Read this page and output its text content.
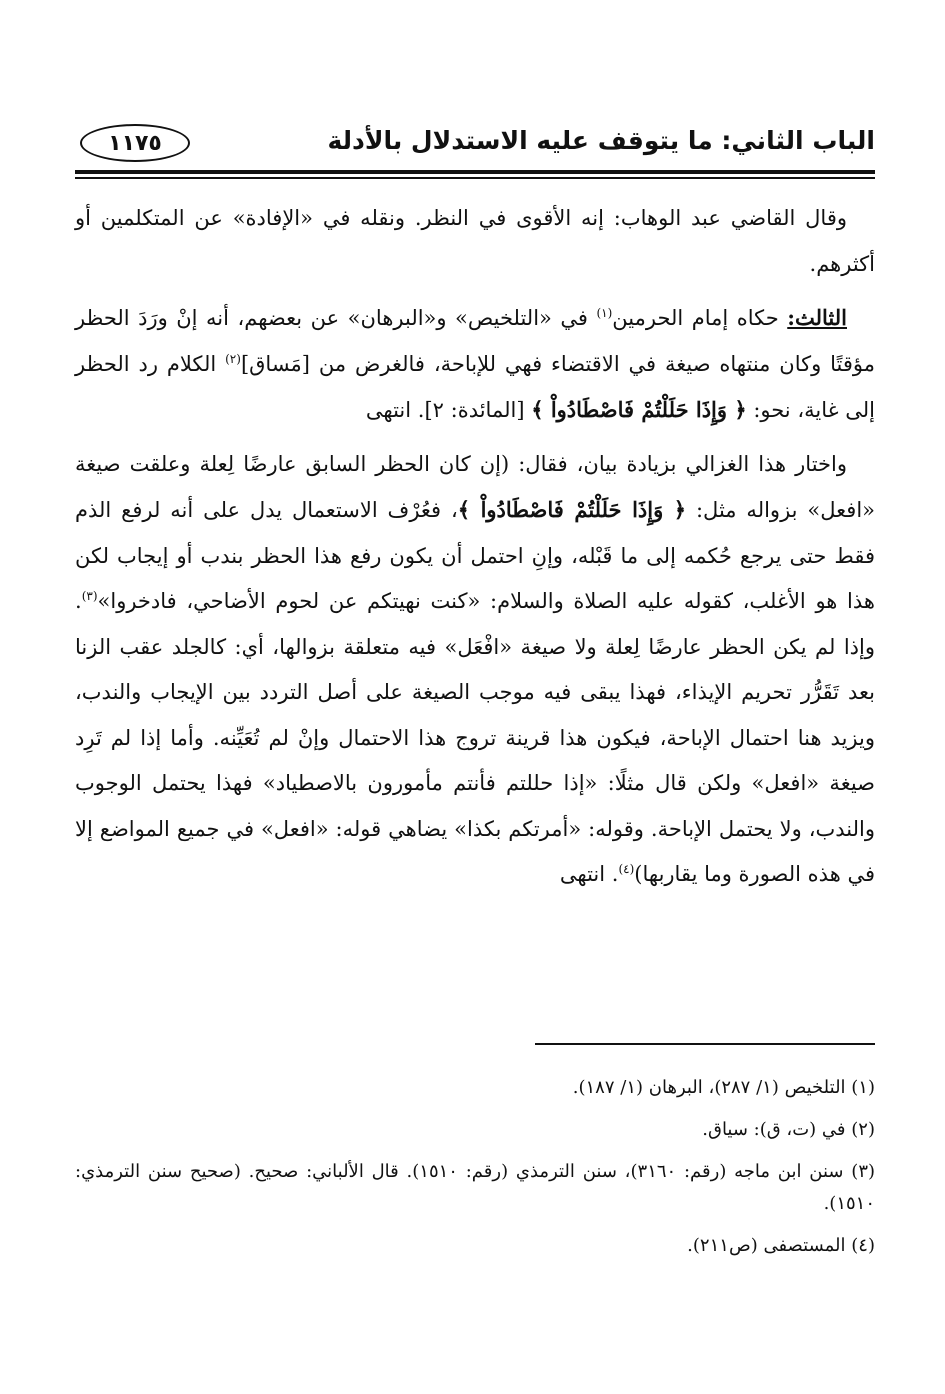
الباب الثاني: ما يتوقف عليه الاستدلال بالأدلة
١١٧٥

وقال القاضي عبد الوهاب: إنه الأقوى في النظر. ونقله في «الإفادة» عن المتكلمين أو أكثرهم.

الثالث: حكاه إمام الحرمين$^{(١)}$ في «التلخيص» و«البرهان» عن بعضهم، أنه إنْ ورَدَ الحظر مؤقتًا وكان منتهاه صيغة في الاقتضاء فهي للإباحة، فالغرض من [مَساق]$^{(٢)}$ الكلام رد الحظر إلى غاية، نحو: ﴿ وَإِذَا حَلَلْتُمْ فَاصْطَادُواْ ﴾ [المائدة: ٢]. انتهى

واختار هذا الغزالي بزيادة بيان، فقال: (إن كان الحظر السابق عارضًا لِعلة وعلقت صيغة «افعل» بزواله مثل: ﴿ وَإِذَا حَلَلْتُمْ فَاصْطَادُواْ ﴾، فعُرْف الاستعمال يدل على أنه لرفع الذم فقط حتى يرجع حُكمه إلى ما قَبْله، وإنِ احتمل أن يكون رفع هذا الحظر بندب أو إيجاب لكن هذا هو الأغلب، كقوله عليه الصلاة والسلام: «كنت نهيتكم عن لحوم الأضاحي، فادخروا»$^{(٣)}$. وإذا لم يكن الحظر عارضًا لِعلة ولا صيغة «افْعَل» فيه متعلقة بزوالها، أي: كالجلد عقب الزنا بعد تَقَرُّر تحريم الإيذاء، فهذا يبقى فيه موجب الصيغة على أصل التردد بين الإيجاب والندب، ويزيد هنا احتمال الإباحة، فيكون هذا قرينة تروج هذا الاحتمال وإنْ لم تُعَيِّنه. وأما إذا لم تَرِد صيغة «افعل» ولكن قال مثلًا: «إذا حللتم فأنتم مأمورون بالاصطياد» فهذا يحتمل الوجوب والندب، ولا يحتمل الإباحة. وقوله: «أمرتكم بكذا» يضاهي قوله: «افعل» في جميع المواضع إلا في هذه الصورة وما يقاربها)$^{(٤)}$. انتهى

(١) التلخيص (١/ ٢٨٧)، البرهان (١/ ١٨٧).

(٢) في (ت، ق): سياق.

(٣) سنن ابن ماجه (رقم: ٣١٦٠)، سنن الترمذي (رقم: ١٥١٠). قال الألباني: صحيح. (صحيح سنن الترمذي: ١٥١٠).

(٤) المستصفى (ص٢١١).
